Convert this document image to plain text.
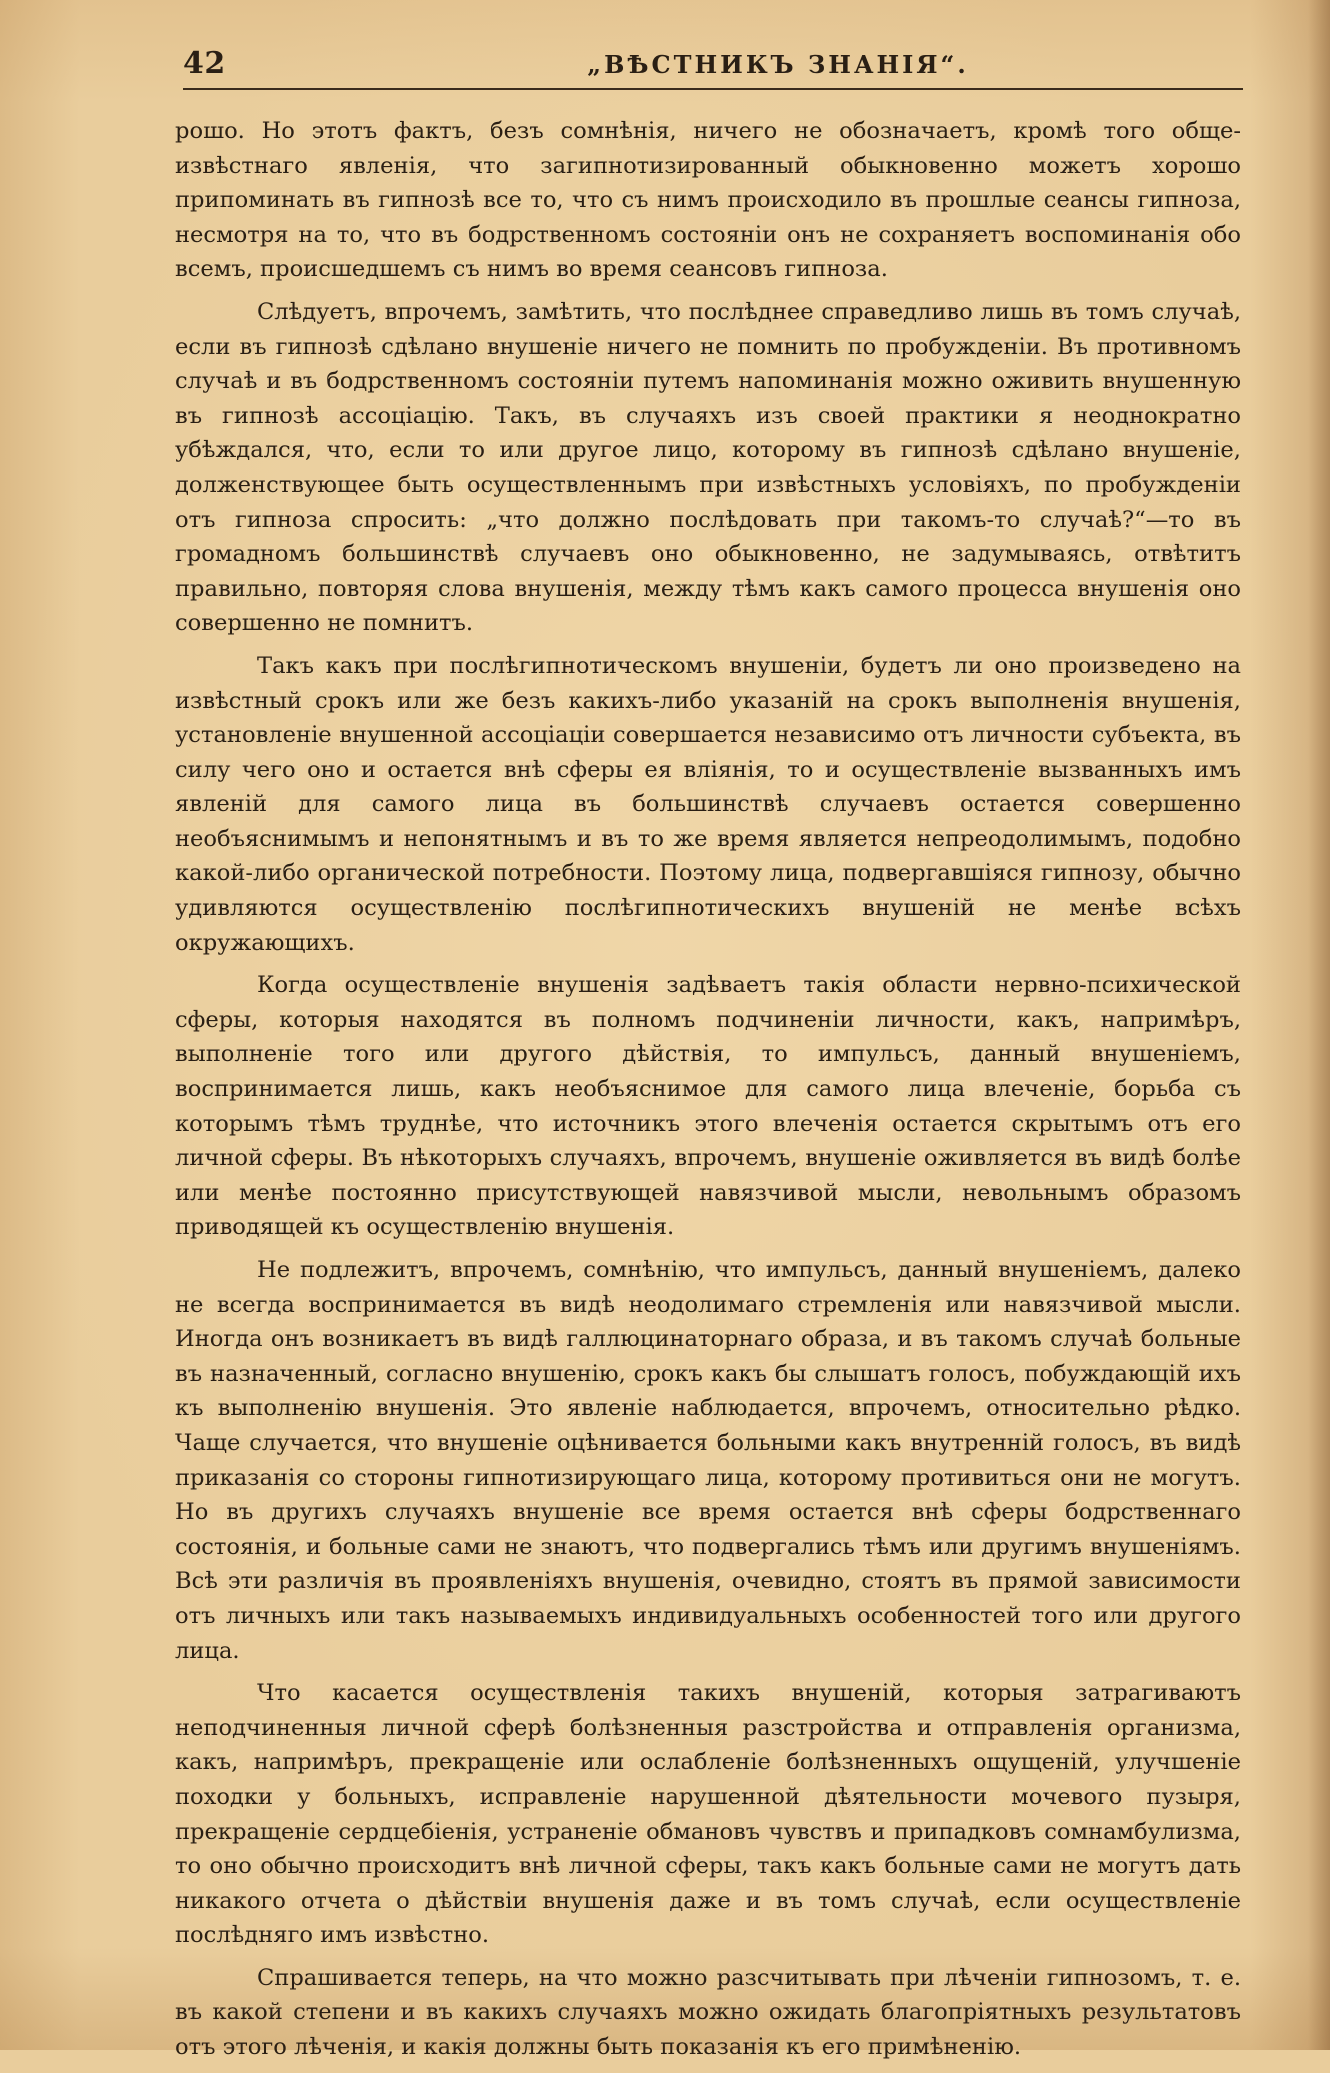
42	„ВѢСТНИКЪ ЗНАНІЯ“.

рошо. Но этотъ фактъ, безъ сомнѣнія, ничего не обозначаетъ, кромѣ того обще-извѣстнаго явленія, что загипнотизированный обыкновенно можетъ хорошо припоминать въ гипнозѣ все то, что съ нимъ происходило въ прошлые сеансы гипноза, несмотря на то, что въ бодрственномъ состояніи онъ не сохраняетъ воспоминанія обо всемъ, происшедшемъ съ нимъ во время сеансовъ гипноза.

Слѣдуетъ, впрочемъ, замѣтить, что послѣднее справедливо лишь въ томъ случаѣ, если въ гипнозѣ сдѣлано внушеніе ничего не помнить по пробужденіи. Въ противномъ случаѣ и въ бодрственномъ состояніи путемъ напоминанія можно оживить внушенную въ гипнозѣ ассоціацію. Такъ, въ случаяхъ изъ своей практики я неоднократно убѣждался, что, если то или другое лицо, которому въ гипнозѣ сдѣлано внушеніе, долженствующее быть осуществленнымъ при извѣстныхъ условіяхъ, по пробужденіи отъ гипноза спросить: „что должно послѣдовать при такомъ-то случаѣ?“—то въ громадномъ большинствѣ случаевъ оно обыкновенно, не задумываясь, отвѣтитъ правильно, повторяя слова внушенія, между тѣмъ какъ самого процесса внушенія оно совершенно не помнитъ.

Такъ какъ при послѣгипнотическомъ внушеніи, будетъ ли оно произведено на извѣстный срокъ или же безъ какихъ-либо указаній на срокъ выполненія внушенія, установленіе внушенной ассоціаціи совершается независимо отъ личности субъекта, въ силу чего оно и остается внѣ сферы ея вліянія, то и осуществленіе вызванныхъ имъ явленій для самого лица въ большинствѣ случаевъ остается совершенно необъяснимымъ и непонятнымъ и въ то же время является непреодолимымъ, подобно какой-либо органической потребности. Поэтому лица, подвергавшіяся гипнозу, обычно удивляются осуществленію послѣгипнотическихъ внушеній не менѣе всѣхъ окружающихъ.

Когда осуществленіе внушенія задѣваетъ такія области нервно-психической сферы, которыя находятся въ полномъ подчиненіи личности, какъ, напримѣръ, выполненіе того или другого дѣйствія, то импульсъ, данный внушеніемъ, воспринимается лишь, какъ необъяснимое для самого лица влеченіе, борьба съ которымъ тѣмъ труднѣе, что источникъ этого влеченія остается скрытымъ отъ его личной сферы. Въ нѣкоторыхъ случаяхъ, впрочемъ, внушеніе оживляется въ видѣ болѣе или менѣе постоянно присутствующей навязчивой мысли, невольнымъ образомъ приводящей къ осуществленію внушенія.

Не подлежитъ, впрочемъ, сомнѣнію, что импульсъ, данный внушеніемъ, далеко не всегда воспринимается въ видѣ неодолимаго стремленія или навязчивой мысли. Иногда онъ возникаетъ въ видѣ галлюцинаторнаго образа, и въ такомъ случаѣ больные въ назначенный, согласно внушенію, срокъ какъ бы слышатъ голосъ, побуждающій ихъ къ выполненію внушенія. Это явленіе наблюдается, впрочемъ, относительно рѣдко. Чаще случается, что внушеніе оцѣнивается больными какъ внутренній голосъ, въ видѣ приказанія со стороны гипнотизирующаго лица, которому противиться они не могутъ. Но въ другихъ случаяхъ внушеніе все время остается внѣ сферы бодрственнаго состоянія, и больные сами не знаютъ, что подвергались тѣмъ или другимъ внушеніямъ. Всѣ эти различія въ проявленіяхъ внушенія, очевидно, стоятъ въ прямой зависимости отъ личныхъ или такъ называемыхъ индивидуальныхъ особенностей того или другого лица.

Что касается осуществленія такихъ внушеній, которыя затрагиваютъ неподчиненныя личной сферѣ болѣзненныя разстройства и отправленія организма, какъ, напримѣръ, прекращеніе или ослабленіе болѣзненныхъ ощущеній, улучшеніе походки у больныхъ, исправленіе нарушенной дѣятельности мочевого пузыря, прекращеніе сердцебіенія, устраненіе обмановъ чувствъ и припадковъ сомнамбулизма, то оно обычно происходитъ внѣ личной сферы, такъ какъ больные сами не могутъ дать никакого отчета о дѣйствіи внушенія даже и въ томъ случаѣ, если осуществленіе послѣдняго имъ извѣстно.

Спрашивается теперь, на что можно разсчитывать при лѣченіи гипнозомъ, т. е. въ какой степени и въ какихъ случаяхъ можно ожидать благопріятныхъ результатовъ отъ этого лѣченія, и какія должны быть показанія къ его примѣненію.
